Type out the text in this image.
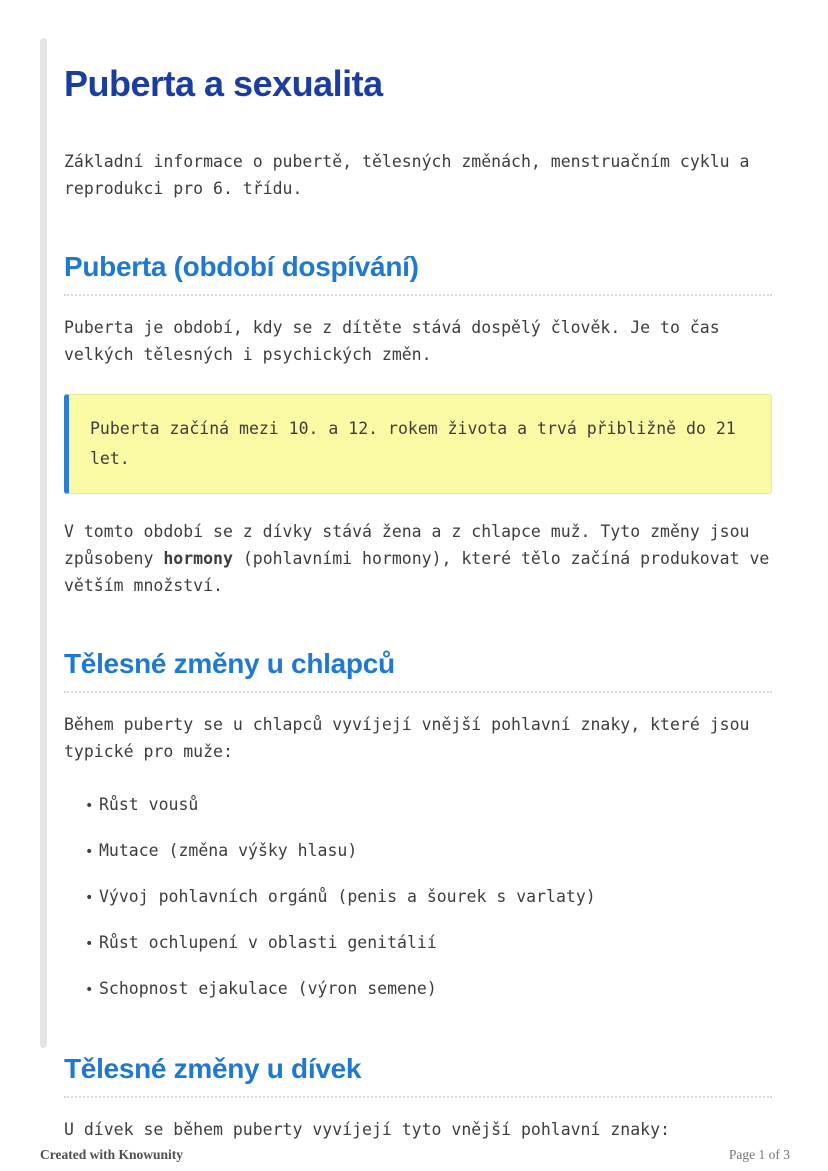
Puberta a sexualita

Základní informace o pubertě, tělesných změnách, menstruačním cyklu a reprodukci pro 6. třídu.

Puberta (období dospívání)

Puberta je období, kdy se z dítěte stává dospělý člověk. Je to čas velkých tělesných i psychických změn.

Puberta začíná mezi 10. a 12. rokem života a trvá přibližně do 21 let.

V tomto období se z dívky stává žena a z chlapce muž. Tyto změny jsou způsobeny hormony (pohlavními hormony), které tělo začíná produkovat ve větším množství.

Tělesné změny u chlapců

Během puberty se u chlapců vyvíjejí vnější pohlavní znaky, které jsou typické pro muže:

• Růst vousů
• Mutace (změna výšky hlasu)
• Vývoj pohlavních orgánů (penis a šourek s varlaty)
• Růst ochlupení v oblasti genitálií
• Schopnost ejakulace (výron semene)
Tělesné změny u dívek

U dívek se během puberty vyvíjejí tyto vnější pohlavní znaky:

Created with Knowunity	Page 1 of 3
